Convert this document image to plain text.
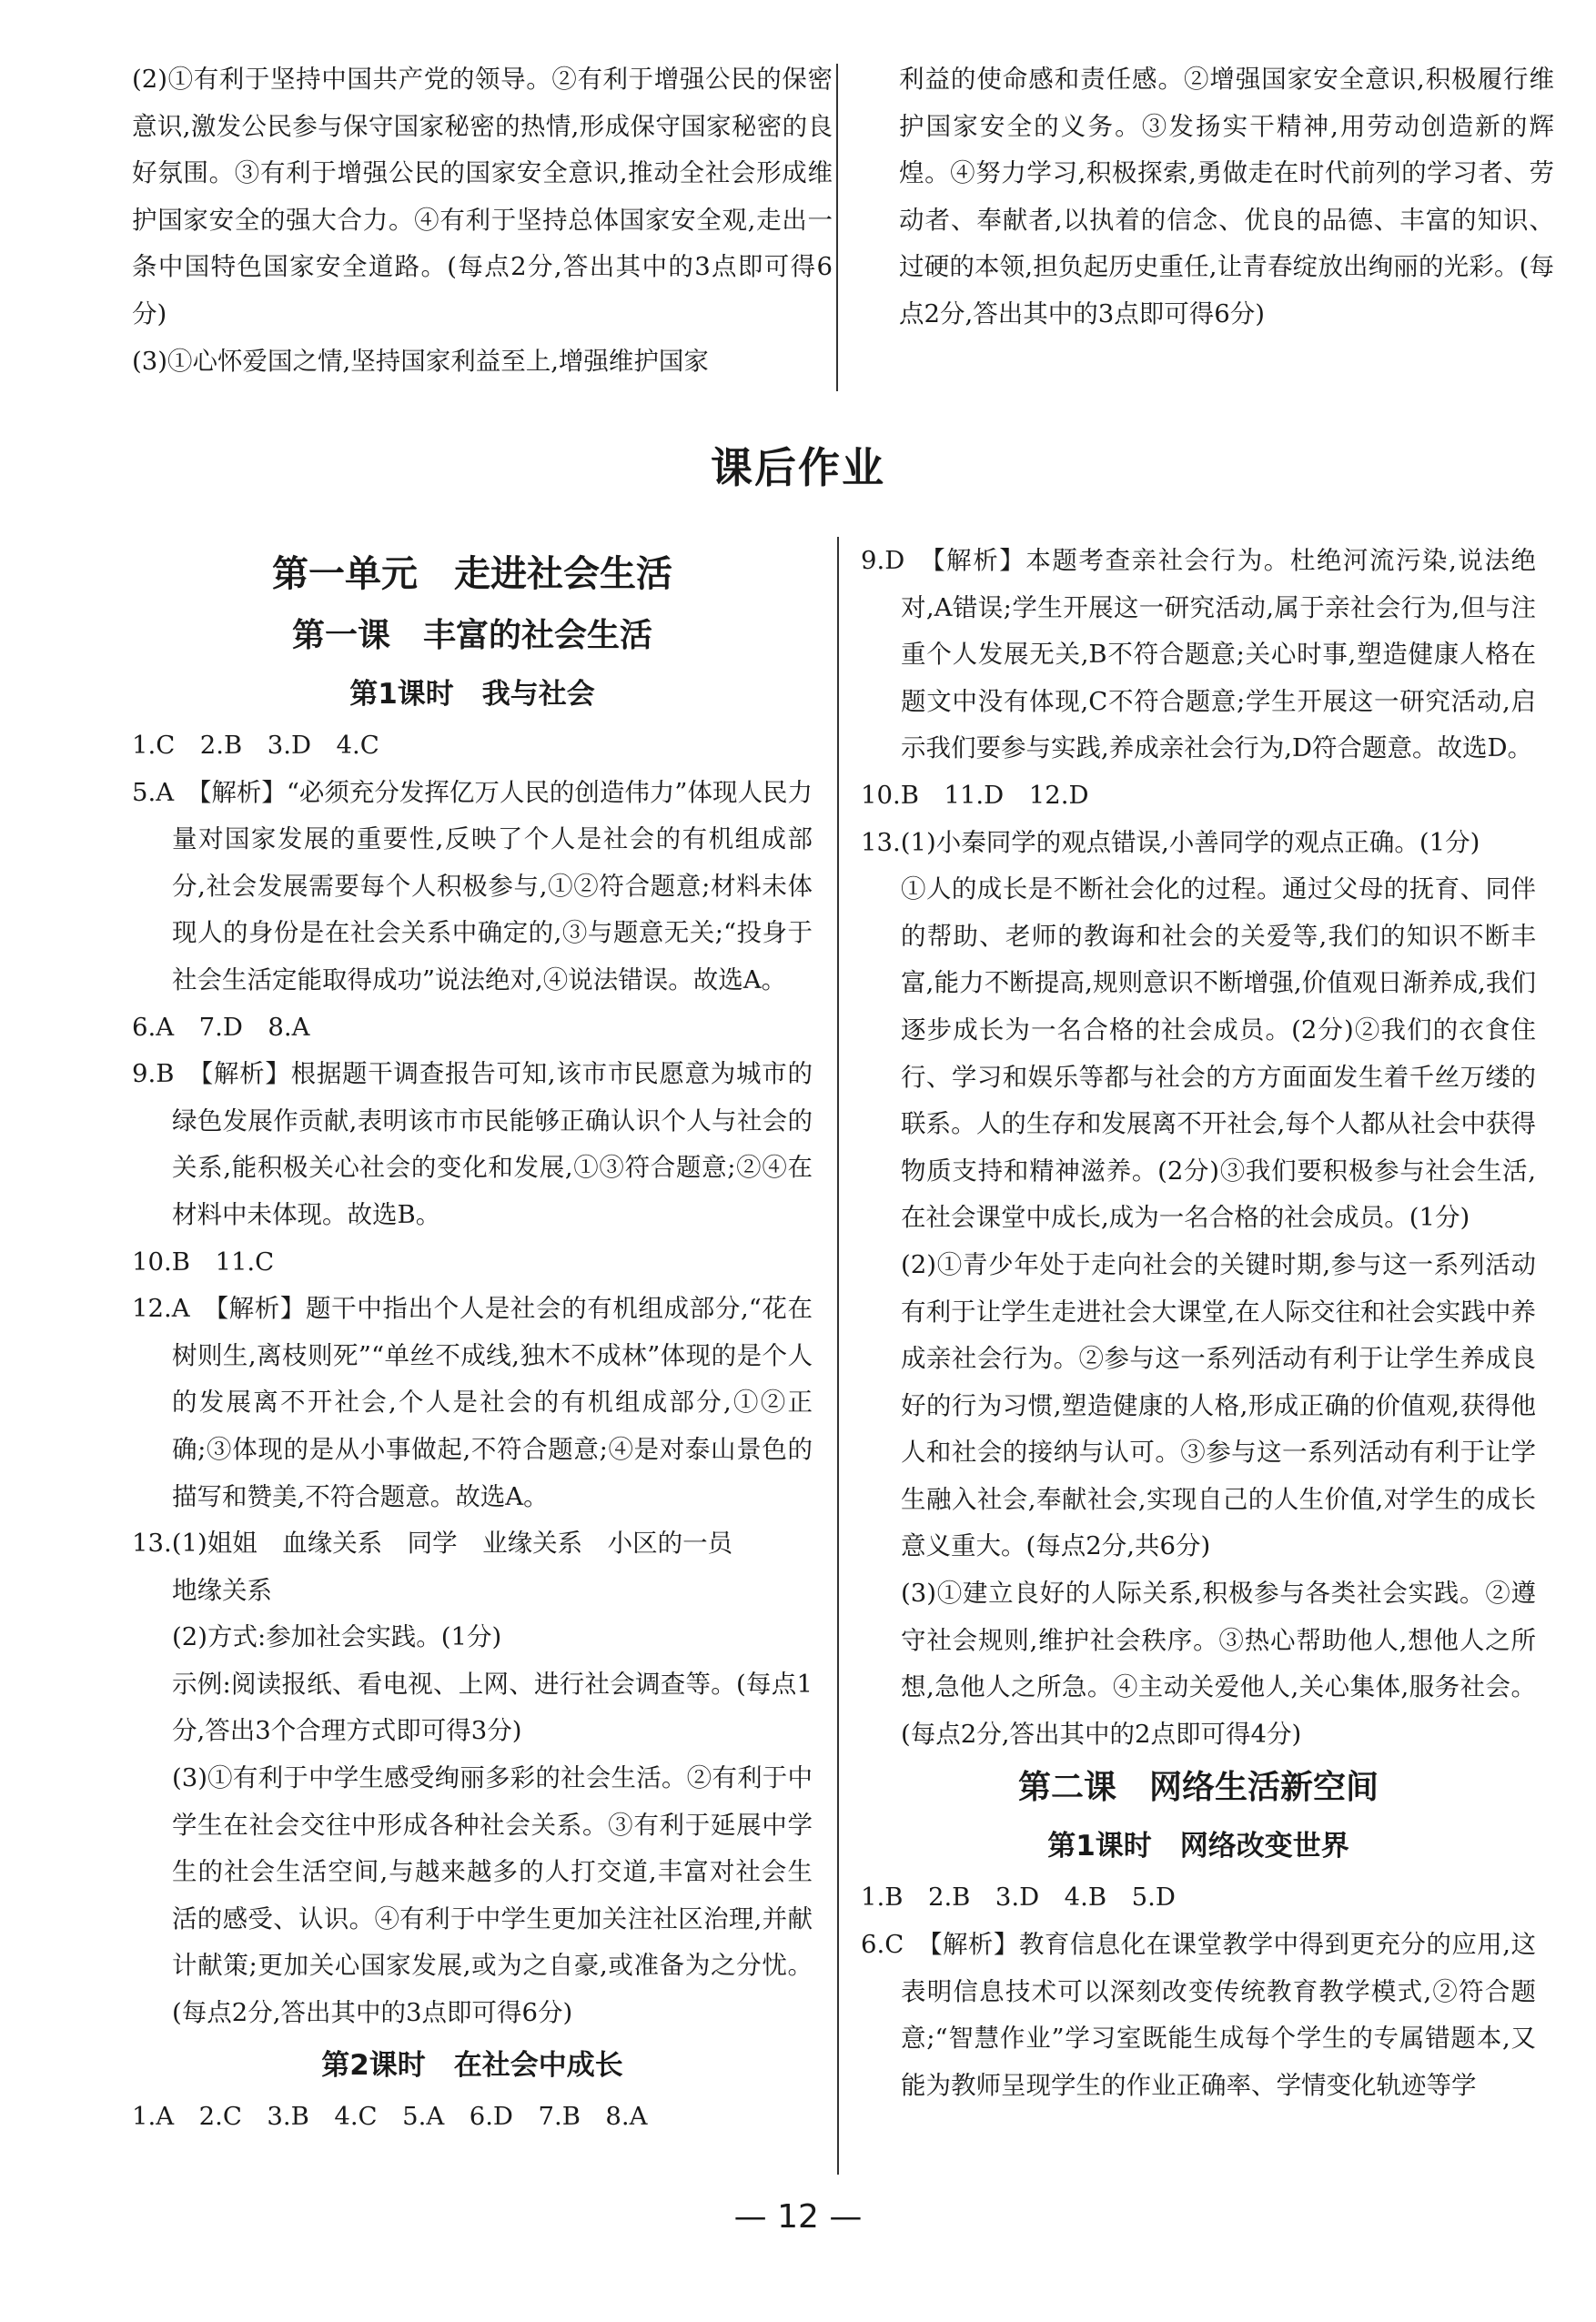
(2)①有利于坚持中国共产党的领导。②有利于增强公民的保密意识,激发公民参与保守国家秘密的热情,形成保守国家秘密的良好氛围。③有利于增强公民的国家安全意识,推动全社会形成维护国家安全的强大合力。④有利于坚持总体国家安全观,走出一条中国特色国家安全道路。(每点2分,答出其中的3点即可得6分)

(3)①心怀爱国之情,坚持国家利益至上,增强维护国家

利益的使命感和责任感。②增强国家安全意识,积极履行维护国家安全的义务。③发扬实干精神,用劳动创造新的辉煌。④努力学习,积极探索,勇做走在时代前列的学习者、劳动者、奉献者,以执着的信念、优良的品德、丰富的知识、过硬的本领,担负起历史重任,让青春绽放出绚丽的光彩。(每点2分,答出其中的3点即可得6分)

课后作业

第一单元　走进社会生活

第一课　丰富的社会生活

第1课时　我与社会

1.C　2.B　3.D　4.C

5.A　【解析】“必须充分发挥亿万人民的创造伟力”体现人民力量对国家发展的重要性,反映了个人是社会的有机组成部分,社会发展需要每个人积极参与,①②符合题意;材料未体现人的身份是在社会关系中确定的,③与题意无关;“投身于社会生活定能取得成功”说法绝对,④说法错误。故选A。

6.A　7.D　8.A

9.B　【解析】根据题干调查报告可知,该市市民愿意为城市的绿色发展作贡献,表明该市市民能够正确认识个人与社会的关系,能积极关心社会的变化和发展,①③符合题意;②④在材料中未体现。故选B。

10.B　11.C

12.A　【解析】题干中指出个人是社会的有机组成部分,“花在树则生,离枝则死”“单丝不成线,独木不成林”体现的是个人的发展离不开社会,个人是社会的有机组成部分,①②正确;③体现的是从小事做起,不符合题意;④是对泰山景色的描写和赞美,不符合题意。故选A。

13.(1)姐姐　血缘关系　同学　业缘关系　小区的一员

地缘关系

(2)方式:参加社会实践。(1分)

示例:阅读报纸、看电视、上网、进行社会调查等。(每点1分,答出3个合理方式即可得3分)

(3)①有利于中学生感受绚丽多彩的社会生活。②有利于中学生在社会交往中形成各种社会关系。③有利于延展中学生的社会生活空间,与越来越多的人打交道,丰富对社会生活的感受、认识。④有利于中学生更加关注社区治理,并献计献策;更加关心国家发展,或为之自豪,或准备为之分忧。(每点2分,答出其中的3点即可得6分)

第2课时　在社会中成长

1.A　2.C　3.B　4.C　5.A　6.D　7.B　8.A

9.D　【解析】本题考查亲社会行为。杜绝河流污染,说法绝对,A错误;学生开展这一研究活动,属于亲社会行为,但与注重个人发展无关,B不符合题意;关心时事,塑造健康人格在题文中没有体现,C不符合题意;学生开展这一研究活动,启示我们要参与实践,养成亲社会行为,D符合题意。故选D。

10.B　11.D　12.D

13.(1)小秦同学的观点错误,小善同学的观点正确。(1分)

①人的成长是不断社会化的过程。通过父母的抚育、同伴的帮助、老师的教诲和社会的关爱等,我们的知识不断丰富,能力不断提高,规则意识不断增强,价值观日渐养成,我们逐步成长为一名合格的社会成员。(2分)②我们的衣食住行、学习和娱乐等都与社会的方方面面发生着千丝万缕的联系。人的生存和发展离不开社会,每个人都从社会中获得物质支持和精神滋养。(2分)③我们要积极参与社会生活,在社会课堂中成长,成为一名合格的社会成员。(1分)

(2)①青少年处于走向社会的关键时期,参与这一系列活动有利于让学生走进社会大课堂,在人际交往和社会实践中养成亲社会行为。②参与这一系列活动有利于让学生养成良好的行为习惯,塑造健康的人格,形成正确的价值观,获得他人和社会的接纳与认可。③参与这一系列活动有利于让学生融入社会,奉献社会,实现自己的人生价值,对学生的成长意义重大。(每点2分,共6分)

(3)①建立良好的人际关系,积极参与各类社会实践。②遵守社会规则,维护社会秩序。③热心帮助他人,想他人之所想,急他人之所急。④主动关爱他人,关心集体,服务社会。(每点2分,答出其中的2点即可得4分)

第二课　网络生活新空间

第1课时　网络改变世界

1.B　2.B　3.D　4.B　5.D

6.C　【解析】教育信息化在课堂教学中得到更充分的应用,这表明信息技术可以深刻改变传统教育教学模式,②符合题意;“智慧作业”学习室既能生成每个学生的专属错题本,又能为教师呈现学生的作业正确率、学情变化轨迹等学

— 12 —
